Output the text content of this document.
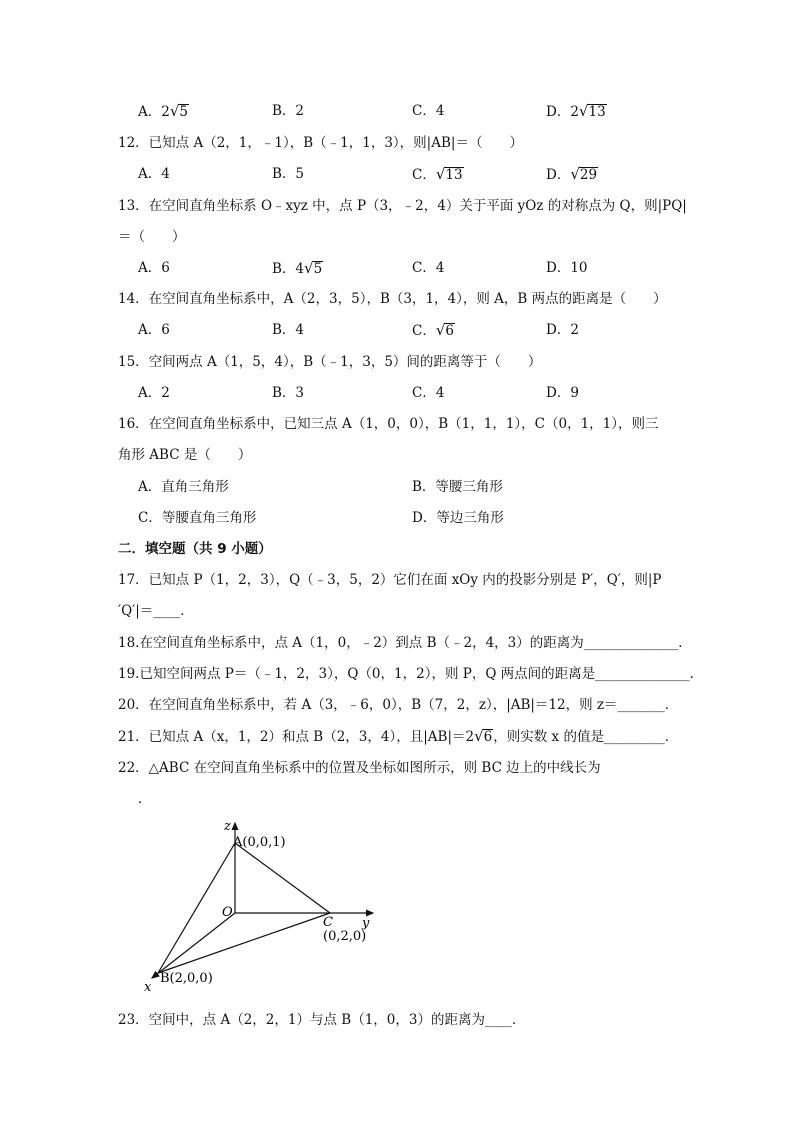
A．2√5	B．2	C．4	D．2√13
12．已知点 A（2，1，﹣1），B（﹣1，1，3），则|AB|＝（　　）
A．4	B．5	C．√13	D．√29
13．在空间直角坐标系 O﹣xyz 中，点 P（3，﹣2，4）关于平面 yOz 的对称点为 Q，则|PQ|
＝（　　）
A．6	B．4√5	C．4	D．10
14．在空间直角坐标系中，A（2，3，5），B（3，1，4），则 A，B 两点的距离是（　　）
A．6	B．4	C．√6	D．2
15．空间两点 A（1，5，4），B（﹣1，3，5）间的距离等于（　　）
A．2	B．3	C．4	D．9
16．在空间直角坐标系中，已知三点 A（1，0，0），B（1，1，1），C（0，1，1），则三
角形 ABC 是（　　）
A．直角三角形	B．等腰三角形
C．等腰直角三角形	D．等边三角形
二．填空题（共 9 小题）
17．已知点 P（1，2，3），Q（﹣3，5，2）它们在面 xOy 内的投影分别是 P′，Q′，则|P
′Q′|＝____．
18.在空间直角坐标系中，点 A（1，0，﹣2）到点 B（﹣2，4，3）的距离为______________．
19.已知空间两点 P＝（﹣1，2，3），Q（0，1，2），则 P，Q 两点间的距离是______________．
20．在空间直角坐标系中，若 A（3，﹣6，0），B（7，2，z），|AB|＝12，则 z＝_______．
21．已知点 A（x，1，2）和点 B（2，3，4），且|AB|＝2√6，则实数 x 的值是_________．
22．△ABC 在空间直角坐标系中的位置及坐标如图所示，则 BC 边上的中线长为
．
z
y
x
O
A(0,0,1)
C
(0,2,0)
B(2,0,0)
23．空间中，点 A（2，2，1）与点 B（1，0，3）的距离为____．
